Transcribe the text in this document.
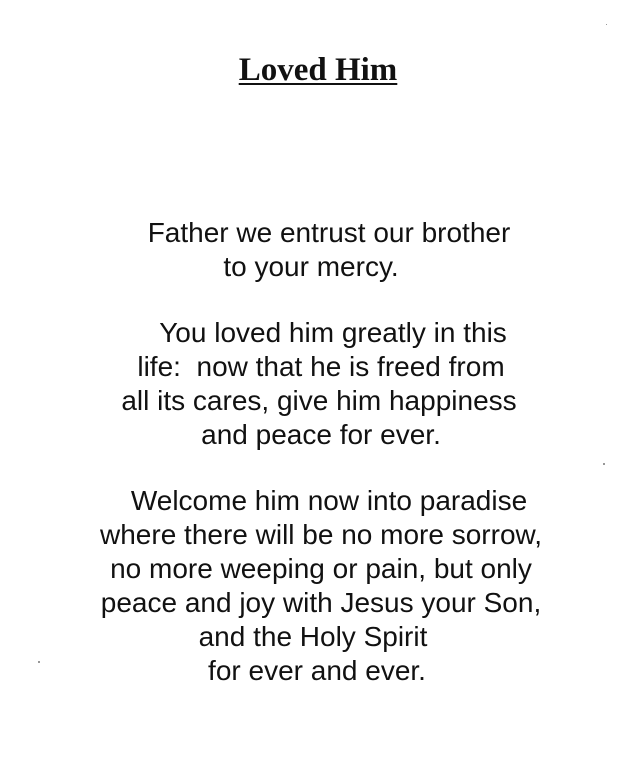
Loved Him

Father we entrust our brother

to your mercy.

You loved him greatly in this

life:  now that he is freed from

all its cares, give him happiness

and peace for ever.

Welcome him now into paradise

where there will be no more sorrow,

no more weeping or pain, but only

peace and joy with Jesus your Son,

and the Holy Spirit

for ever and ever.
